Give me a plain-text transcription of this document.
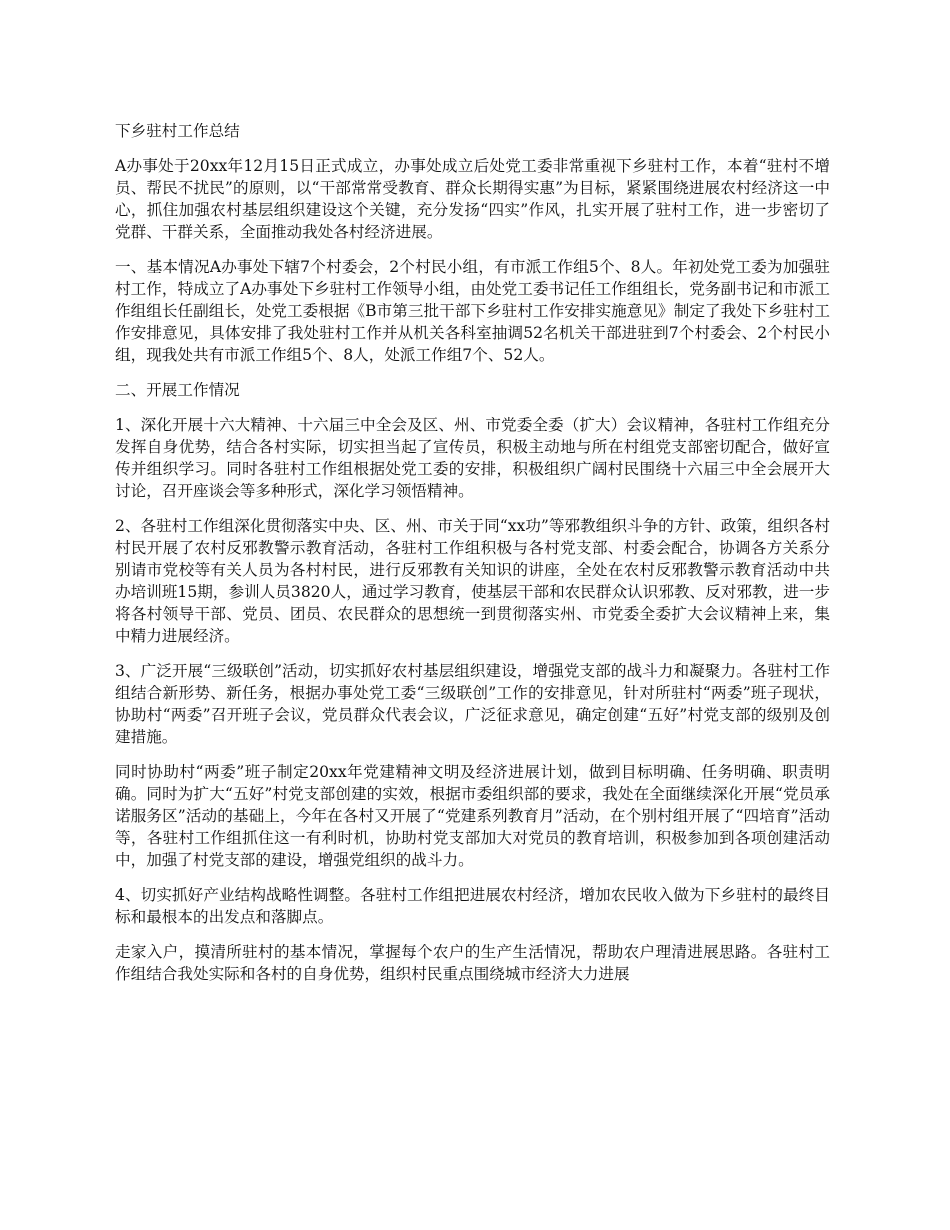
下乡驻村工作总结

A办事处于20xx年12月15日正式成立，办事处成立后处党工委非常重视下乡驻村工作，本着“驻村不增员、帮民不扰民”的原则，以“干部常常受教育、群众长期得实惠”为目标，紧紧围绕进展农村经济这一中心，抓住加强农村基层组织建设这个关键，充分发扬“四实”作风，扎实开展了驻村工作，进一步密切了党群、干群关系，全面推动我处各村经济进展。

一、基本情况A办事处下辖7个村委会，2个村民小组，有市派工作组5个、8人。年初处党工委为加强驻村工作，特成立了A办事处下乡驻村工作领导小组，由处党工委书记任工作组组长，党务副书记和市派工作组组长任副组长，处党工委根据《B市第三批干部下乡驻村工作安排实施意见》制定了我处下乡驻村工作安排意见，具体安排了我处驻村工作并从机关各科室抽调52名机关干部进驻到7个村委会、2个村民小组，现我处共有市派工作组5个、8人，处派工作组7个、52人。

二、开展工作情况

1、深化开展十六大精神、十六届三中全会及区、州、市党委全委（扩大）会议精神，各驻村工作组充分发挥自身优势，结合各村实际，切实担当起了宣传员，积极主动地与所在村组党支部密切配合，做好宣传并组织学习。同时各驻村工作组根据处党工委的安排，积极组织广阔村民围绕十六届三中全会展开大讨论，召开座谈会等多种形式，深化学习领悟精神。

2、各驻村工作组深化贯彻落实中央、区、州、市关于同“xx功”等邪教组织斗争的方针、政策，组织各村村民开展了农村反邪教警示教育活动，各驻村工作组积极与各村党支部、村委会配合，协调各方关系分别请市党校等有关人员为各村村民，进行反邪教有关知识的讲座，全处在农村反邪教警示教育活动中共办培训班15期，参训人员3820人，通过学习教育，使基层干部和农民群众认识邪教、反对邪教，进一步将各村领导干部、党员、团员、农民群众的思想统一到贯彻落实州、市党委全委扩大会议精神上来，集中精力进展经济。

3、广泛开展“三级联创”活动，切实抓好农村基层组织建设，增强党支部的战斗力和凝聚力。各驻村工作组结合新形势、新任务，根据办事处党工委“三级联创”工作的安排意见，针对所驻村“两委”班子现状，协助村“两委”召开班子会议，党员群众代表会议，广泛征求意见，确定创建“五好”村党支部的级别及创建措施。

同时协助村“两委”班子制定20xx年党建精神文明及经济进展计划，做到目标明确、任务明确、职责明确。同时为扩大“五好”村党支部创建的实效，根据市委组织部的要求，我处在全面继续深化开展“党员承诺服务区”活动的基础上，今年在各村又开展了“党建系列教育月”活动，在个别村组开展了“四培育”活动等，各驻村工作组抓住这一有利时机，协助村党支部加大对党员的教育培训，积极参加到各项创建活动中，加强了村党支部的建设，增强党组织的战斗力。

4、切实抓好产业结构战略性调整。各驻村工作组把进展农村经济，增加农民收入做为下乡驻村的最终目标和最根本的出发点和落脚点。

走家入户，摸清所驻村的基本情况，掌握每个农户的生产生活情况，帮助农户理清进展思路。各驻村工作组结合我处实际和各村的自身优势，组织村民重点围绕城市经济大力进展
